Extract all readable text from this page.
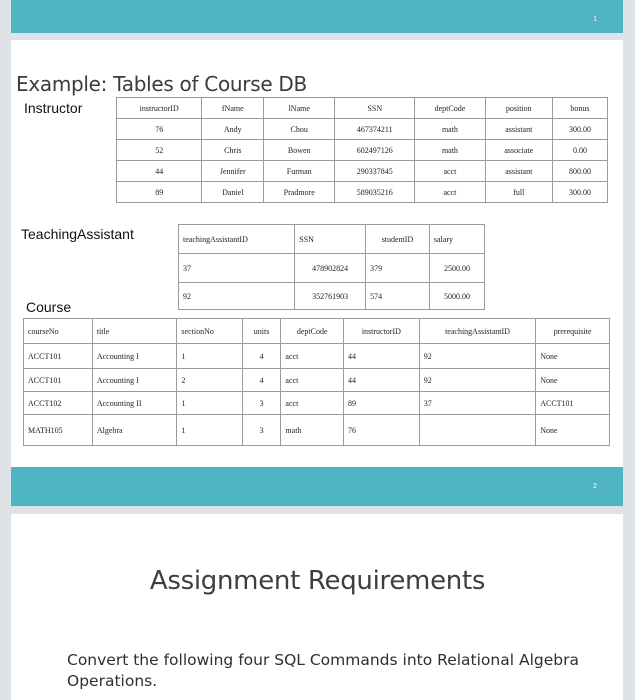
1
Example: Tables of Course DB
Instructor	instructorID	fName	lName	SSN	deptCode	position	bonus
76	Andy	Chou	467374211	math	assistant	300.00
52	Chris	Bowen	602497126	math	associate	0.00
44	Jennifer	Furman	290337845	acct	assistant	800.00
89	Daniel	Pradmore	589035216	acct	full	300.00
TeachingAssistant	teachingAssistantID	SSN	studentID	salary
37	478902824	379	2500.00
92	352761903	574	5000.00
Course
courseNo	title	sectionNo	units	deptCode	instructorID	teachingAssistantID	prerequisite
ACCT101	Accounting I	1	4	acct	44	92	None
ACCT101	Accounting I	2	4	acct	44	92	None
ACCT102	Accounting II	1	3	acct	89	37	ACCT101
MATH105	Algebra	1	3	math	76		None
2
Assignment Requirements
Convert the following four SQL Commands into Relational Algebra Operations.
